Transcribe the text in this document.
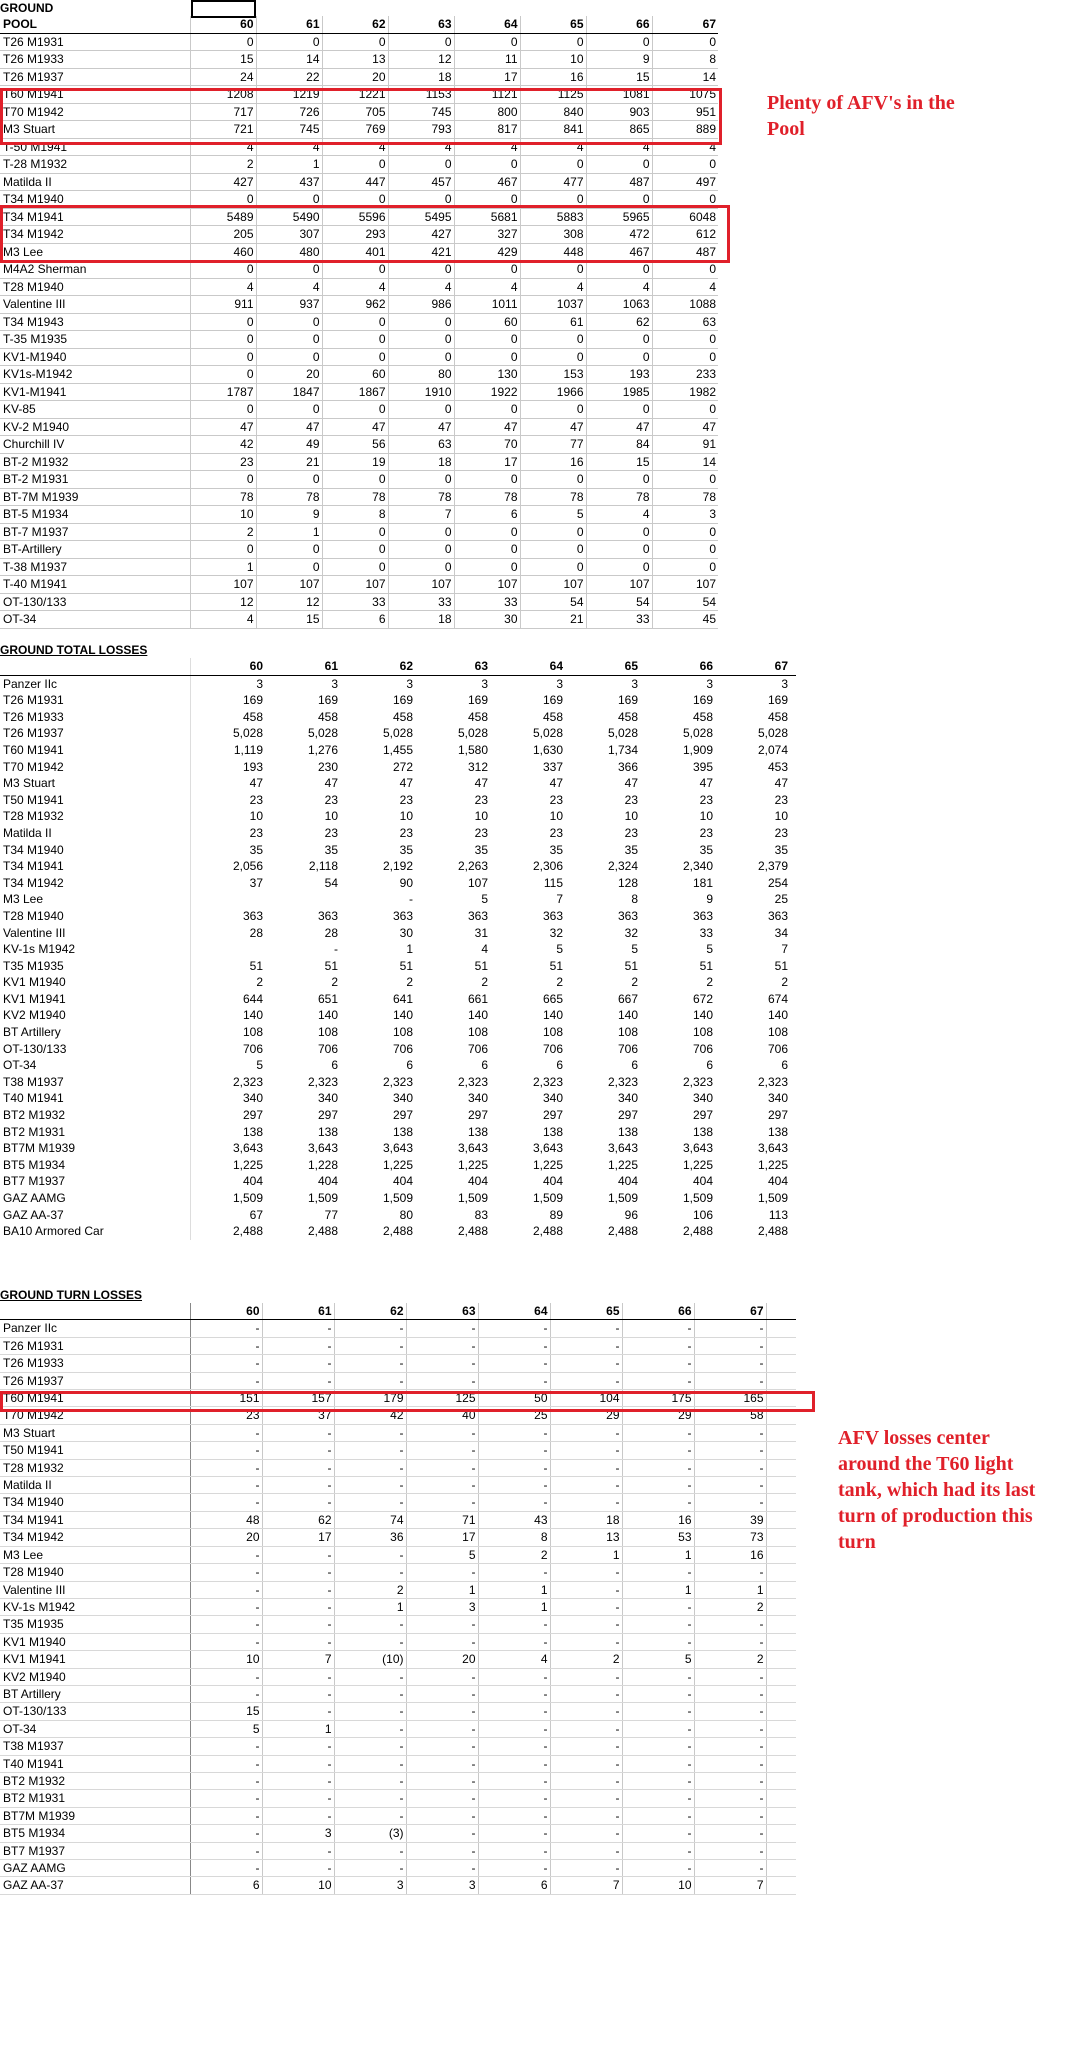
GROUND
POOL	60	61	62	63	64	65	66	67
T26 M1931	0	0	0	0	0	0	0	0
T26 M1933	15	14	13	12	11	10	9	8
T26 M1937	24	22	20	18	17	16	15	14
T60 M1941	1208	1219	1221	1153	1121	1125	1081	1075
T70 M1942	717	726	705	745	800	840	903	951
M3 Stuart	721	745	769	793	817	841	865	889
T-50 M1941	4	4	4	4	4	4	4	4
T-28 M1932	2	1	0	0	0	0	0	0
Matilda II	427	437	447	457	467	477	487	497
T34 M1940	0	0	0	0	0	0	0	0
T34 M1941	5489	5490	5596	5495	5681	5883	5965	6048
T34 M1942	205	307	293	427	327	308	472	612
M3 Lee	460	480	401	421	429	448	467	487
M4A2 Sherman	0	0	0	0	0	0	0	0
T28 M1940	4	4	4	4	4	4	4	4
Valentine III	911	937	962	986	1011	1037	1063	1088
T34 M1943	0	0	0	0	60	61	62	63
T-35 M1935	0	0	0	0	0	0	0	0
KV1-M1940	0	0	0	0	0	0	0	0
KV1s-M1942	0	20	60	80	130	153	193	233
KV1-M1941	1787	1847	1867	1910	1922	1966	1985	1982
KV-85	0	0	0	0	0	0	0	0
KV-2 M1940	47	47	47	47	47	47	47	47
Churchill IV	42	49	56	63	70	77	84	91
BT-2 M1932	23	21	19	18	17	16	15	14
BT-2 M1931	0	0	0	0	0	0	0	0
BT-7M M1939	78	78	78	78	78	78	78	78
BT-5 M1934	10	9	8	7	6	5	4	3
BT-7 M1937	2	1	0	0	0	0	0	0
BT-Artillery	0	0	0	0	0	0	0	0
T-38 M1937	1	0	0	0	0	0	0	0
T-40 M1941	107	107	107	107	107	107	107	107
OT-130/133	12	12	33	33	33	54	54	54
OT-34	4	15	6	18	30	21	33	45
GROUND TOTAL LOSSES
	60	61	62	63	64	65	66	67	
Panzer IIc	3	3	3	3	3	3	3	3	
T26 M1931	169	169	169	169	169	169	169	169	
T26 M1933	458	458	458	458	458	458	458	458	
T26 M1937	5,028	5,028	5,028	5,028	5,028	5,028	5,028	5,028	
T60 M1941	1,119	1,276	1,455	1,580	1,630	1,734	1,909	2,074	
T70 M1942	193	230	272	312	337	366	395	453	
M3 Stuart	47	47	47	47	47	47	47	47	
T50 M1941	23	23	23	23	23	23	23	23	
T28 M1932	10	10	10	10	10	10	10	10	
Matilda II	23	23	23	23	23	23	23	23	
T34 M1940	35	35	35	35	35	35	35	35	
T34 M1941	2,056	2,118	2,192	2,263	2,306	2,324	2,340	2,379	
T34 M1942	37	54	90	107	115	128	181	254	
M3 Lee			-	5	7	8	9	25	
T28 M1940	363	363	363	363	363	363	363	363	
Valentine III	28	28	30	31	32	32	33	34	
KV-1s M1942		-	1	4	5	5	5	7	
T35 M1935	51	51	51	51	51	51	51	51	
KV1 M1940	2	2	2	2	2	2	2	2	
KV1 M1941	644	651	641	661	665	667	672	674	
KV2 M1940	140	140	140	140	140	140	140	140	
BT Artillery	108	108	108	108	108	108	108	108	
OT-130/133	706	706	706	706	706	706	706	706	
OT-34	5	6	6	6	6	6	6	6	
T38 M1937	2,323	2,323	2,323	2,323	2,323	2,323	2,323	2,323	
T40 M1941	340	340	340	340	340	340	340	340	
BT2 M1932	297	297	297	297	297	297	297	297	
BT2 M1931	138	138	138	138	138	138	138	138	
BT7M M1939	3,643	3,643	3,643	3,643	3,643	3,643	3,643	3,643	
BT5 M1934	1,225	1,228	1,225	1,225	1,225	1,225	1,225	1,225	
BT7 M1937	404	404	404	404	404	404	404	404	
GAZ AAMG	1,509	1,509	1,509	1,509	1,509	1,509	1,509	1,509	
GAZ AA-37	67	77	80	83	89	96	106	113	
BA10 Armored Car	2,488	2,488	2,488	2,488	2,488	2,488	2,488	2,488	
GROUND TURN LOSSES
	60	61	62	63	64	65	66	67	
Panzer IIc	-	-	-	-	-	-	-	-	
T26 M1931	-	-	-	-	-	-	-	-	
T26 M1933	-	-	-	-	-	-	-	-	
T26 M1937	-	-	-	-	-	-	-	-	
T60 M1941	151	157	179	125	50	104	175	165	
T70 M1942	23	37	42	40	25	29	29	58	
M3 Stuart	-	-	-	-	-	-	-	-	
T50 M1941	-	-	-	-	-	-	-	-	
T28 M1932	-	-	-	-	-	-	-	-	
Matilda II	-	-	-	-	-	-	-	-	
T34 M1940	-	-	-	-	-	-	-	-	
T34 M1941	48	62	74	71	43	18	16	39	
T34 M1942	20	17	36	17	8	13	53	73	
M3 Lee	-	-	-	5	2	1	1	16	
T28 M1940	-	-	-	-	-	-	-	-	
Valentine III	-	-	2	1	1	-	1	1	
KV-1s M1942	-	-	1	3	1	-	-	2	
T35 M1935	-	-	-	-	-	-	-	-	
KV1 M1940	-	-	-	-	-	-	-	-	
KV1 M1941	10	7	(10)	20	4	2	5	2	
KV2 M1940	-	-	-	-	-	-	-	-	
BT Artillery	-	-	-	-	-	-	-	-	
OT-130/133	15	-	-	-	-	-	-	-	
OT-34	5	1	-	-	-	-	-	-	
T38 M1937	-	-	-	-	-	-	-	-	
T40 M1941	-	-	-	-	-	-	-	-	
BT2 M1932	-	-	-	-	-	-	-	-	
BT2 M1931	-	-	-	-	-	-	-	-	
BT7M M1939	-	-	-	-	-	-	-	-	
BT5 M1934	-	3	(3)	-	-	-	-	-	
BT7 M1937	-	-	-	-	-	-	-	-	
GAZ AAMG	-	-	-	-	-	-	-	-	
GAZ AA-37	6	10	3	3	6	7	10	7	
Plenty of AFV's in the Pool
AFV losses center around the T60 light tank, which had its last turn of production this turn
